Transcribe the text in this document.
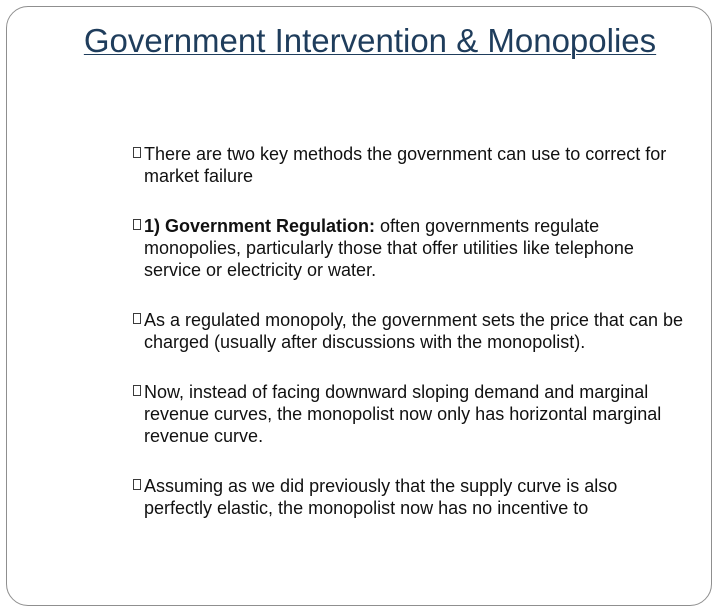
Government Intervention & Monopolies
There are two key methods the government can use to correct for market failure
1) Government Regulation: often governments regulate monopolies, particularly those that offer utilities like telephone service or electricity or water.
As a regulated monopoly, the government sets the price that can be charged (usually after discussions with the monopolist).
Now, instead of facing downward sloping demand and marginal revenue curves, the monopolist now only has horizontal marginal revenue curve.
Assuming as we did previously that the supply curve is also perfectly elastic, the monopolist now has no incentive to
